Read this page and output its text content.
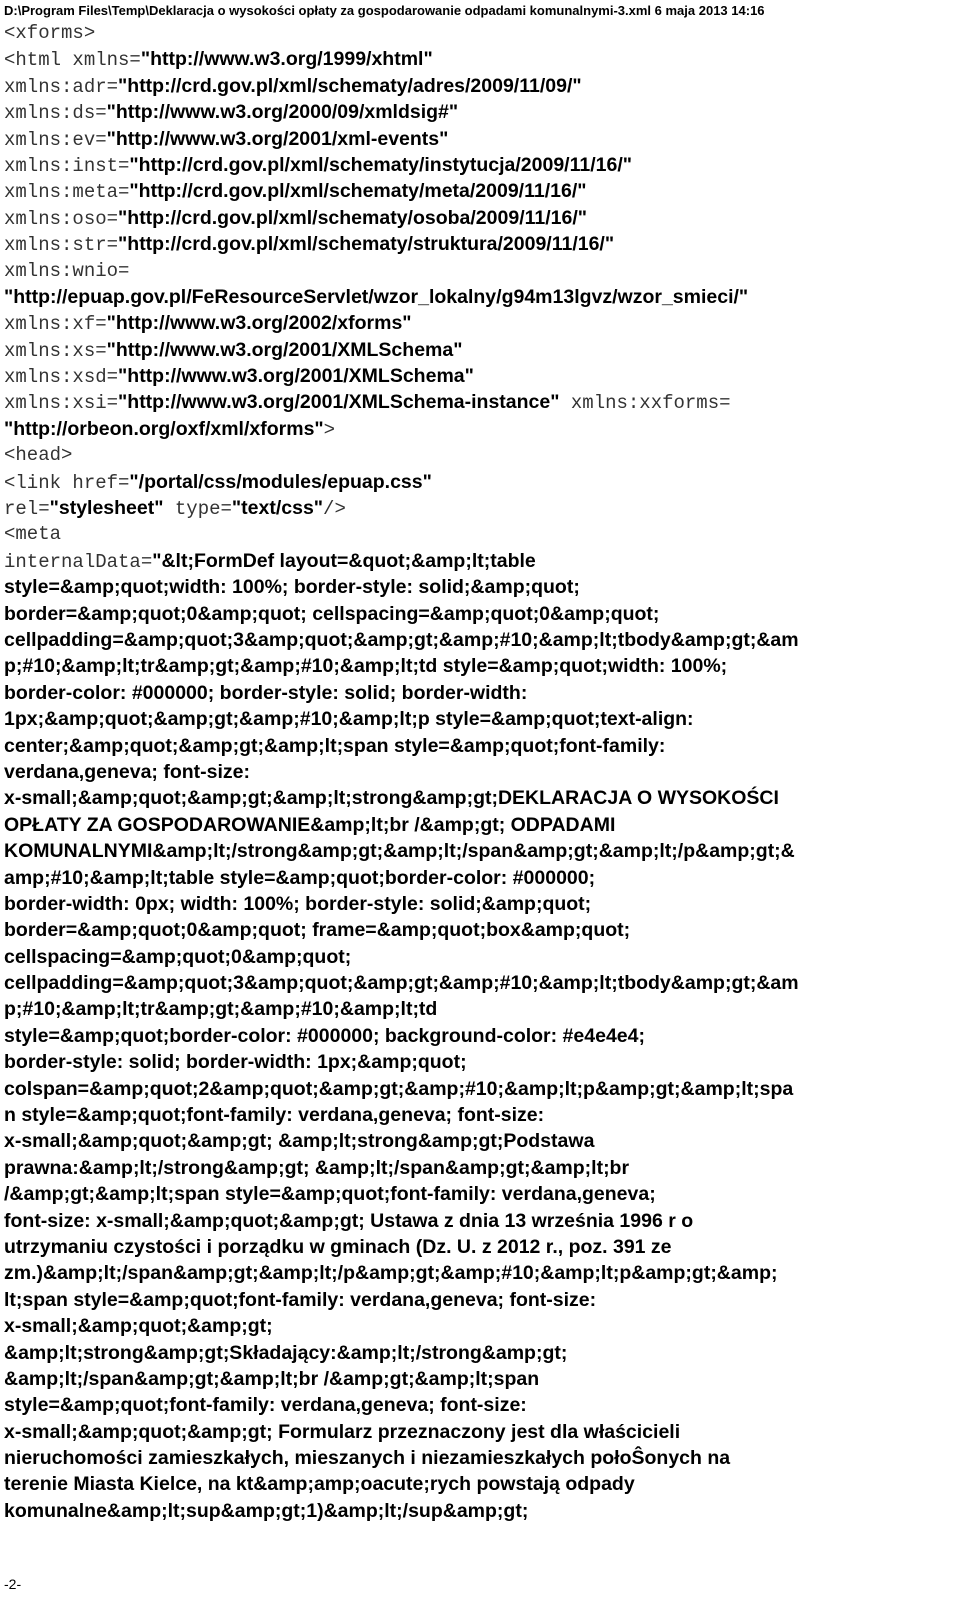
D:\Program Files\Temp\Deklaracja o wysokości opłaty za gospodarowanie odpadami komunalnymi-3.xml 6 maja 2013 14:16
<xforms>
<html xmlns="http://www.w3.org/1999/xhtml"
xmlns:adr="http://crd.gov.pl/xml/schematy/adres/2009/11/09/"
xmlns:ds="http://www.w3.org/2000/09/xmldsig#"
xmlns:ev="http://www.w3.org/2001/xml-events"
xmlns:inst="http://crd.gov.pl/xml/schematy/instytucja/2009/11/16/"
xmlns:meta="http://crd.gov.pl/xml/schematy/meta/2009/11/16/"
xmlns:oso="http://crd.gov.pl/xml/schematy/osoba/2009/11/16/"
xmlns:str="http://crd.gov.pl/xml/schematy/struktura/2009/11/16/"
xmlns:wnio=
"http://epuap.gov.pl/FeResourceServlet/wzor_lokalny/g94m13lgvz/wzor_smieci/"
xmlns:xf="http://www.w3.org/2002/xforms"
xmlns:xs="http://www.w3.org/2001/XMLSchema"
xmlns:xsd="http://www.w3.org/2001/XMLSchema"
xmlns:xsi="http://www.w3.org/2001/XMLSchema-instance" xmlns:xxforms=
"http://orbeon.org/oxf/xml/xforms">
<head>
<link href="/portal/css/modules/epuap.css"
rel="stylesheet" type="text/css"/>
<meta
internalData="&lt;FormDef layout=&quot;&amp;lt;table
style=&amp;quot;width: 100%; border-style: solid;&amp;quot;
border=&amp;quot;0&amp;quot; cellspacing=&amp;quot;0&amp;quot;
cellpadding=&amp;quot;3&amp;quot;&amp;gt;&amp;#10;&amp;lt;tbody&amp;gt;&am
p;#10;&amp;lt;tr&amp;gt;&amp;#10;&amp;lt;td style=&amp;quot;width: 100%;
border-color: #000000; border-style: solid; border-width:
1px;&amp;quot;&amp;gt;&amp;#10;&amp;lt;p style=&amp;quot;text-align:
center;&amp;quot;&amp;gt;&amp;lt;span style=&amp;quot;font-family:
verdana,geneva; font-size:
x-small;&amp;quot;&amp;gt;&amp;lt;strong&amp;gt;DEKLARACJA O WYSOKOŚCI
OPŁATY ZA GOSPODAROWANIE&amp;lt;br /&amp;gt; ODPADAMI
KOMUNALNYMI&amp;lt;/strong&amp;gt;&amp;lt;/span&amp;gt;&amp;lt;/p&amp;gt;&
amp;#10;&amp;lt;table style=&amp;quot;border-color: #000000;
border-width: 0px; width: 100%; border-style: solid;&amp;quot;
border=&amp;quot;0&amp;quot; frame=&amp;quot;box&amp;quot;
cellspacing=&amp;quot;0&amp;quot;
cellpadding=&amp;quot;3&amp;quot;&amp;gt;&amp;#10;&amp;lt;tbody&amp;gt;&am
p;#10;&amp;lt;tr&amp;gt;&amp;#10;&amp;lt;td
style=&amp;quot;border-color: #000000; background-color: #e4e4e4;
border-style: solid; border-width: 1px;&amp;quot;
colspan=&amp;quot;2&amp;quot;&amp;gt;&amp;#10;&amp;lt;p&amp;gt;&amp;lt;spa
n style=&amp;quot;font-family: verdana,geneva; font-size:
x-small;&amp;quot;&amp;gt; &amp;lt;strong&amp;gt;Podstawa
prawna:&amp;lt;/strong&amp;gt; &amp;lt;/span&amp;gt;&amp;lt;br
/&amp;gt;&amp;lt;span style=&amp;quot;font-family: verdana,geneva;
font-size: x-small;&amp;quot;&amp;gt; Ustawa z dnia 13 września 1996 r o
utrzymaniu czystości i porządku w gminach (Dz. U. z 2012 r., poz. 391 ze
zm.)&amp;lt;/span&amp;gt;&amp;lt;/p&amp;gt;&amp;#10;&amp;lt;p&amp;gt;&amp;
lt;span style=&amp;quot;font-family: verdana,geneva; font-size:
x-small;&amp;quot;&amp;gt;
&amp;lt;strong&amp;gt;Składający:&amp;lt;/strong&amp;gt;
&amp;lt;/span&amp;gt;&amp;lt;br /&amp;gt;&amp;lt;span
style=&amp;quot;font-family: verdana,geneva; font-size:
x-small;&amp;quot;&amp;gt; Formularz przeznaczony jest dla właścicieli
nieruchomości zamieszkałych, mieszanych i niezamieszkałych połoŜonych na
terenie Miasta Kielce, na kt&amp;amp;oacute;rych powstają odpady
komunalne&amp;lt;sup&amp;gt;1)&amp;lt;/sup&amp;gt;
-2-
